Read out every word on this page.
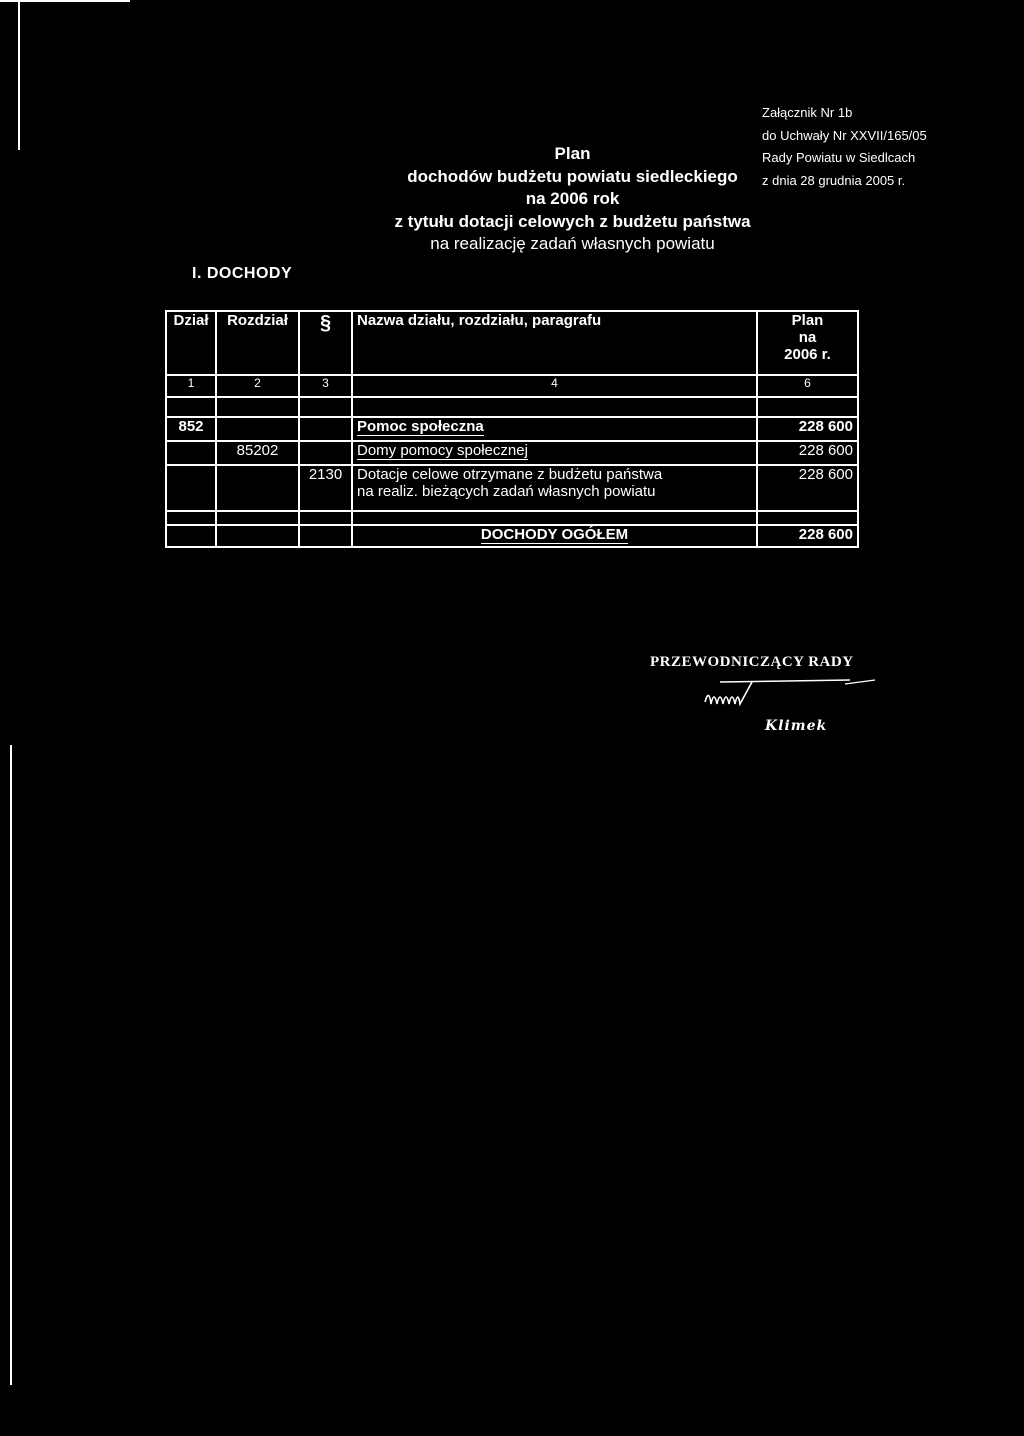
Załącznik Nr 1b
do Uchwały Nr XXVII/165/05
Rady Powiatu w Siedlcach
z dnia 28 grudnia 2005 r.
Plan
dochodów budżetu powiatu siedleckiego
na 2006 rok
z tytułu dotacji celowych z budżetu państwa
na realizację zadań własnych powiatu
I. DOCHODY
Dział	Rozdział	§	Nazwa działu, rozdziału, paragrafu	Plan
na
2006 r.

1	2	3	4	6

852			Pomoc społeczna	228 600
	85202		Domy pomocy społecznej	228 600
		2130	Dotacje celowe otrzymane z budżetu państwa
na realiz. bieżących zadań własnych powiatu	228 600

			DOCHODY OGÓŁEM	228 600
PRZEWODNICZĄCY RADY
Klimek
